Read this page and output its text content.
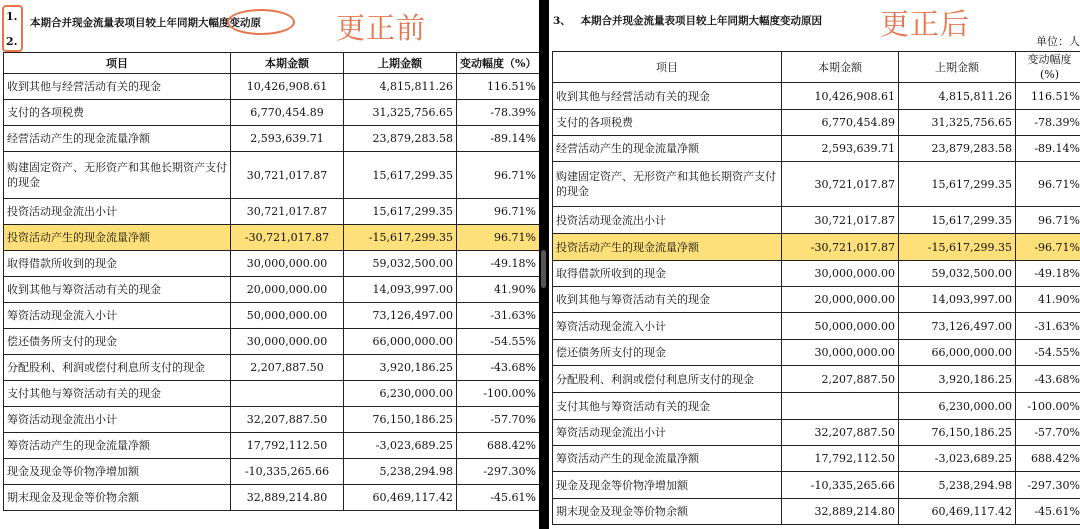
1.
2.
本期合并现金流量表项目较上年同期大幅度变动原	更正前
项目	本期金额	上期金额	变动幅度（%）
收到其他与经营活动有关的现金	10,426,908.61	4,815,811.26	116.51%
支付的各项税费	6,770,454.89	31,325,756.65	-78.39%
经营活动产生的现金流量净额	2,593,639.71	23,879,283.58	-89.14%
购建固定资产、无形资产和其他长期资产支付的现金	30,721,017.87	15,617,299.35	96.71%
投资活动现金流出小计	30,721,017.87	15,617,299.35	96.71%
投资活动产生的现金流量净额	-30,721,017.87	-15,617,299.35	96.71%
取得借款所收到的现金	30,000,000.00	59,032,500.00	-49.18%
收到其他与筹资活动有关的现金	20,000,000.00	14,093,997.00	41.90%
筹资活动现金流入小计	50,000,000.00	73,126,497.00	-31.63%
偿还债务所支付的现金	30,000,000.00	66,000,000.00	-54.55%
分配股利、利润或偿付利息所支付的现金	2,207,887.50	3,920,186.25	-43.68%
支付其他与筹资活动有关的现金		6,230,000.00	-100.00%
筹资活动现金流出小计	32,207,887.50	76,150,186.25	-57.70%
筹资活动产生的现金流量净额	17,792,112.50	-3,023,689.25	688.42%
现金及现金等价物净增加额	-10,335,265.66	5,238,294.98	-297.30%
期末现金及现金等价物余额	32,889,214.80	60,469,117.42	-45.61%
3、 本期合并现金流量表项目较上年同期大幅度变动原因 更正后
单位：人
项目	本期金额	上期金额	变动幅度(%)
收到其他与经营活动有关的现金	10,426,908.61	4,815,811.26	116.51%
支付的各项税费	6,770,454.89	31,325,756.65	-78.39%
经营活动产生的现金流量净额	2,593,639.71	23,879,283.58	-89.14%
购建固定资产、无形资产和其他长期资产支付的现金	30,721,017.87	15,617,299.35	96.71%
投资活动现金流出小计	30,721,017.87	15,617,299.35	96.71%
投资活动产生的现金流量净额	-30,721,017.87	-15,617,299.35	-96.71%
取得借款所收到的现金	30,000,000.00	59,032,500.00	-49.18%
收到其他与筹资活动有关的现金	20,000,000.00	14,093,997.00	41.90%
筹资活动现金流入小计	50,000,000.00	73,126,497.00	-31.63%
偿还债务所支付的现金	30,000,000.00	66,000,000.00	-54.55%
分配股利、利润或偿付利息所支付的现金	2,207,887.50	3,920,186.25	-43.68%
支付其他与筹资活动有关的现金		6,230,000.00	-100.00%
筹资活动现金流出小计	32,207,887.50	76,150,186.25	-57.70%
筹资活动产生的现金流量净额	17,792,112.50	-3,023,689.25	688.42%
现金及现金等价物净增加额	-10,335,265.66	5,238,294.98	-297.30%
期末现金及现金等价物余额	32,889,214.80	60,469,117.42	-45.61%
